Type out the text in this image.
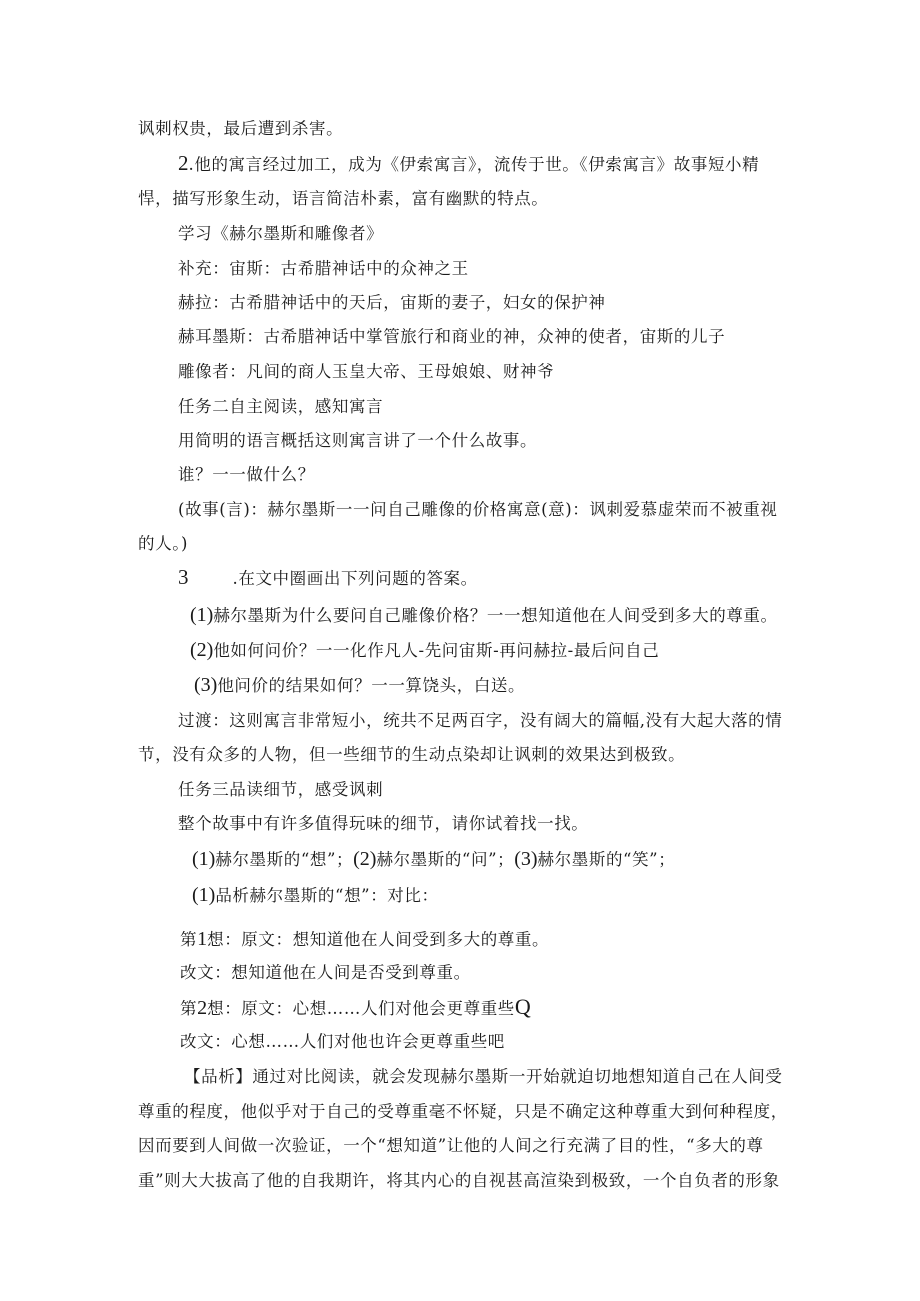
讽刺权贵，最后遭到杀害。
2.他的寓言经过加工，成为《伊索寓言》，流传于世。《伊索寓言》故事短小精
悍，描写形象生动，语言简洁朴素，富有幽默的特点。
学习《赫尔墨斯和雕像者》
补充：宙斯：古希腊神话中的众神之王
赫拉：古希腊神话中的天后，宙斯的妻子，妇女的保护神
赫耳墨斯：古希腊神话中掌管旅行和商业的神，众神的使者，宙斯的儿子
雕像者：凡间的商人玉皇大帝、王母娘娘、财神爷
任务二自主阅读，感知寓言
用简明的语言概括这则寓言讲了一个什么故事。
谁？一一做什么？
(故事(言)：赫尔墨斯一一问自己雕像的价格寓意(意)：讽刺爱慕虚荣而不被重视
的人。)
3	.在文中圈画出下列问题的答案。
(1)赫尔墨斯为什么要问自己雕像价格？一一想知道他在人间受到多大的尊重。
(2)他如何问价？一一化作凡人-先问宙斯-再问赫拉-最后问自己
(3)他问价的结果如何？一一算饶头，白送。
过渡：这则寓言非常短小，统共不足两百字，没有阔大的篇幅,没有大起大落的情
节，没有众多的人物，但一些细节的生动点染却让讽刺的效果达到极致。
任务三品读细节，感受讽刺
整个故事中有许多值得玩味的细节，请你试着找一找。
(1)赫尔墨斯的“想”；(2)赫尔墨斯的“问”；(3)赫尔墨斯的“笑”；
(1)品析赫尔墨斯的“想”：对比：
第1想：原文：想知道他在人间受到多大的尊重。
改文：想知道他在人间是否受到尊重。
第2想：原文：心想……人们对他会更尊重些Q
改文：心想……人们对他也许会更尊重些吧
【品析】通过对比阅读，就会发现赫尔墨斯一开始就迫切地想知道自己在人间受
尊重的程度，他似乎对于自己的受尊重毫不怀疑，只是不确定这种尊重大到何种程度，
因而要到人间做一次验证，一个“想知道”让他的人间之行充满了目的性，“多大的尊
重”则大大拔高了他的自我期许，将其内心的自视甚高渲染到极致，一个自负者的形象
